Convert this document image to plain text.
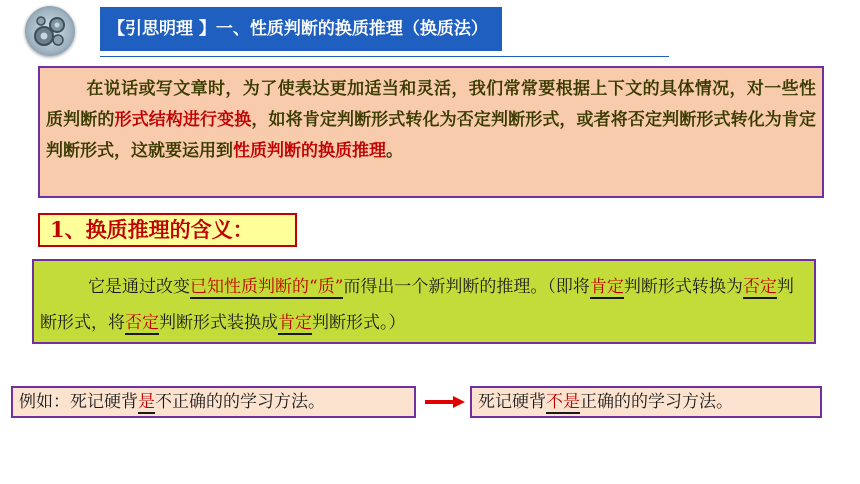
【引思明理 】一、性质判断的换质推理（换质法）
在说话或写文章时，为了使表达更加适当和灵活，我们常常要根据上下文的具体情况，对一些性质判断的形式结构进行变换，如将肯定判断形式转化为否定判断形式，或者将否定判断形式转化为肯定判断形式，这就要运用到性质判断的换质推理。
1、换质推理的含义：
它是通过改变已知性质判断的“质”而得出一个新判断的推理。（即将肯定判断形式转换为否定判断形式，将否定判断形式装换成肯定判断形式。）
例如：死记硬背是不正确的的学习方法。	死记硬背不是正确的的学习方法。
